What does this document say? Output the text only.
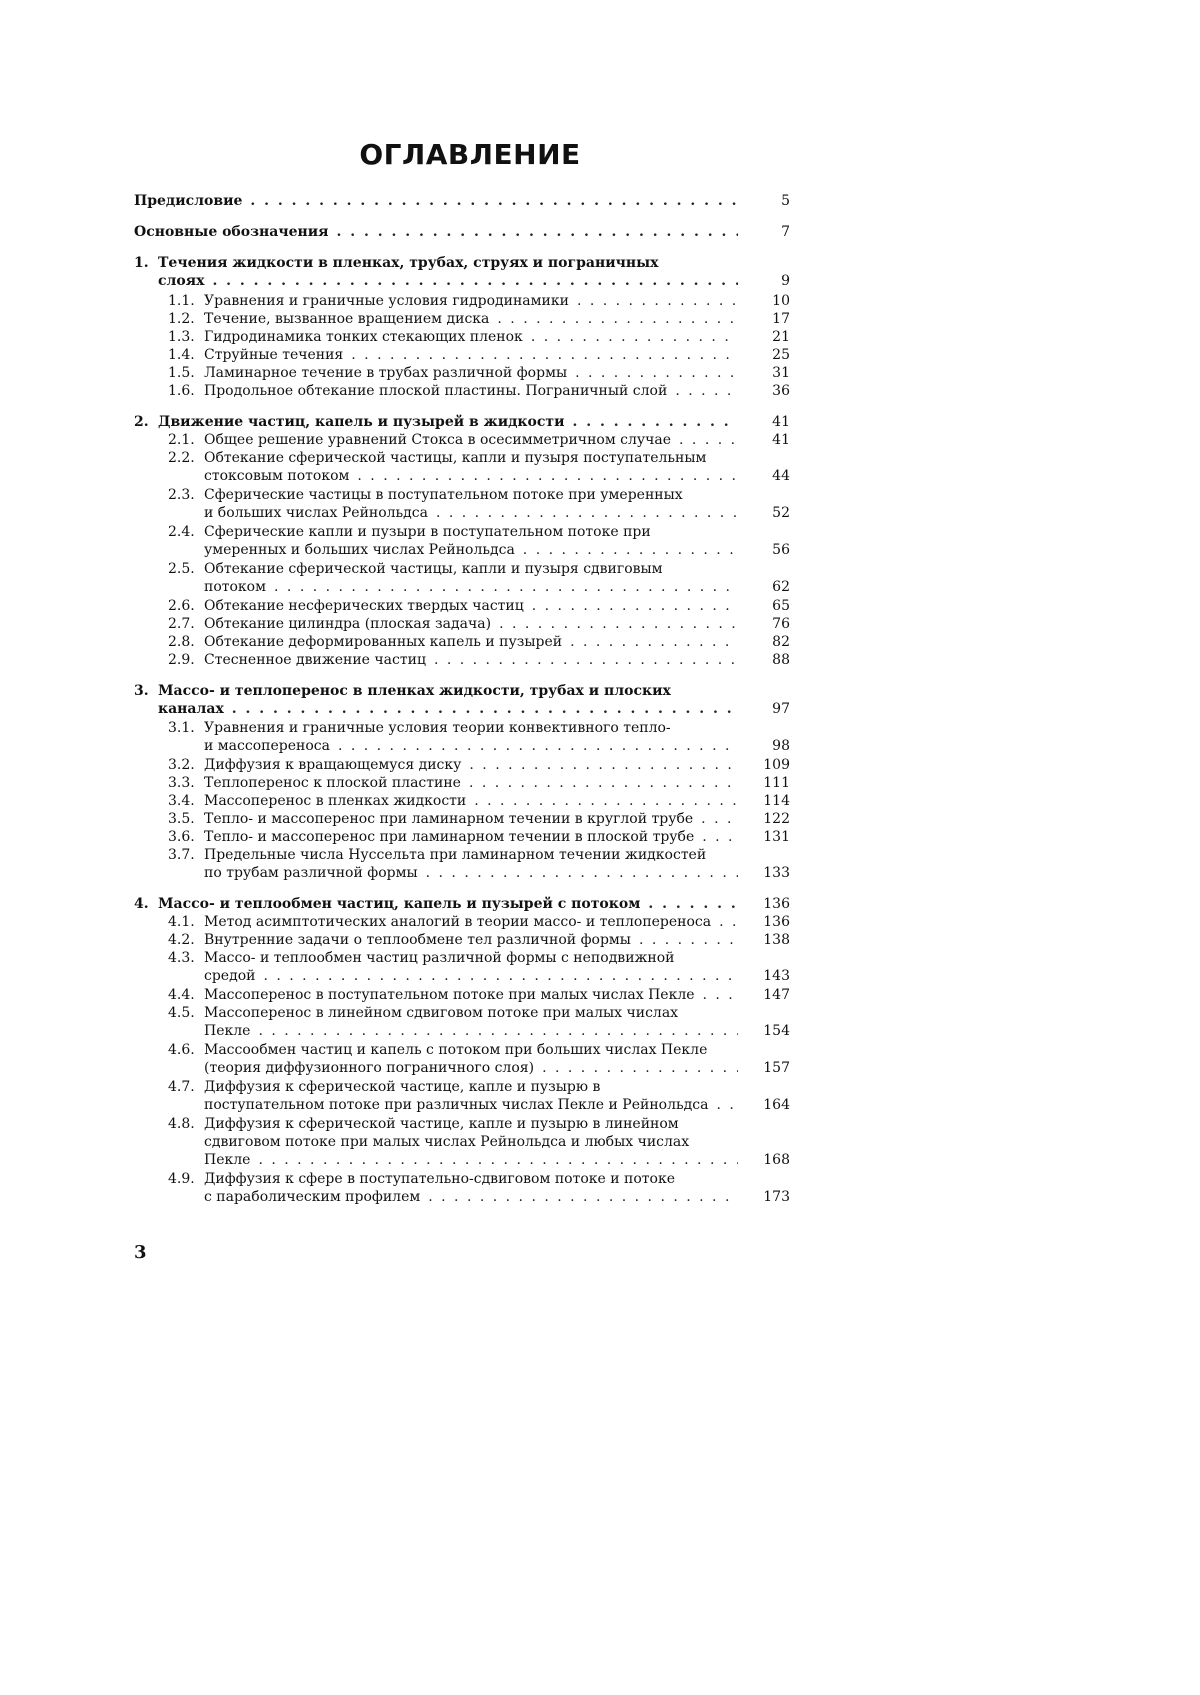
ОГЛАВЛЕНИЕ
Предисловие . . .	5
Основные обозначения . . .	7
1. Течения жидкости в пленках, трубах, струях и пограничных
слоях . . .	9
1.1. Уравнения и граничные условия гидродинамики . . .	10
1.2. Течение, вызванное вращением диска . . .	17
1.3. Гидродинамика тонких стекающих пленок . . .	21
1.4. Струйные течения . . .	25
1.5. Ламинарное течение в трубах различной формы . . .	31
1.6. Продольное обтекание плоской пластины. Пограничный слой . . .	36
2. Движение частиц, капель и пузырей в жидкости . . .	41
2.1. Общее решение уравнений Стокса в осесимметричном случае . . .	41
2.2. Обтекание сферической частицы, капли и пузыря поступательным
стоксовым потоком . . .	44
2.3. Сферические частицы в поступательном потоке при умеренных
и больших числах Рейнольдса . . .	52
2.4. Сферические капли и пузыри в поступательном потоке при
умеренных и больших числах Рейнольдса . . .	56
2.5. Обтекание сферической частицы, капли и пузыря сдвиговым
потоком . . .	62
2.6. Обтекание несферических твердых частиц . . .	65
2.7. Обтекание цилиндра (плоская задача) . . .	76
2.8. Обтекание деформированных капель и пузырей . . .	82
2.9. Стесненное движение частиц . . .	88
3. Массо- и теплоперенос в пленках жидкости, трубах и плоских
каналах . . .	97
3.1. Уравнения и граничные условия теории конвективного тепло-
и массопереноса . . .	98
3.2. Диффузия к вращающемуся диску . . .	109
3.3. Теплоперенос к плоской пластине . . .	111
3.4. Массоперенос в пленках жидкости . . .	114
3.5. Тепло- и массоперенос при ламинарном течении в круглой трубе . . .	122
3.6. Тепло- и массоперенос при ламинарном течении в плоской трубе . . .	131
3.7. Предельные числа Нуссельта при ламинарном течении жидкостей
по трубам различной формы . . .	133
4. Массо- и теплообмен частиц, капель и пузырей с потоком . . .	136
4.1. Метод асимптотических аналогий в теории массо- и теплопереноса . . .	136
4.2. Внутренние задачи о теплообмене тел различной формы . . .	138
4.3. Массо- и теплообмен частиц различной формы с неподвижной
средой . . .	143
4.4. Массоперенос в поступательном потоке при малых числах Пекле . . .	147
4.5. Массоперенос в линейном сдвиговом потоке при малых числах
Пекле . . .	154
4.6. Массообмен частиц и капель с потоком при больших числах Пекле
(теория диффузионного пограничного слоя) . . .	157
4.7. Диффузия к сферической частице, капле и пузырю в
поступательном потоке при различных числах Пекле и Рейнольдса . . .	164
4.8. Диффузия к сферической частице, капле и пузырю в линейном
сдвиговом потоке при малых числах Рейнольдса и любых числах
Пекле . . .	168
4.9. Диффузия к сфере в поступательно-сдвиговом потоке и потоке
с параболическим профилем . . .	173
3
